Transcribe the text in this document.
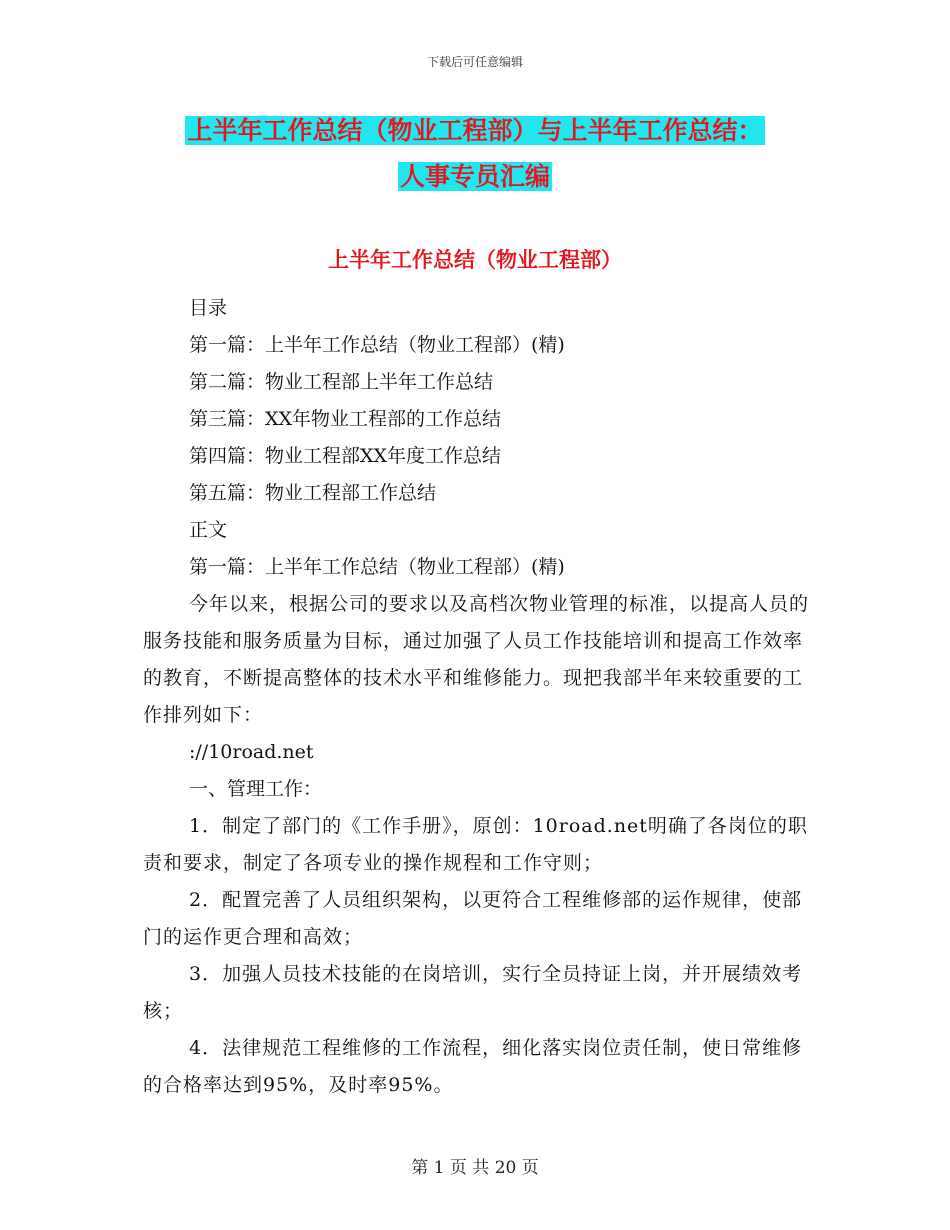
下载后可任意编辑
上半年工作总结（物业工程部）与上半年工作总结：
人事专员汇编
上半年工作总结（物业工程部）

目录

第一篇：上半年工作总结（物业工程部）(精)

第二篇：物业工程部上半年工作总结

第三篇：XX年物业工程部的工作总结

第四篇：物业工程部XX年度工作总结

第五篇：物业工程部工作总结

正文

第一篇：上半年工作总结（物业工程部）(精)

今年以来，根据公司的要求以及高档次物业管理的标准，以提高人员的服务技能和服务质量为目标，通过加强了人员工作技能培训和提高工作效率的教育，不断提高整体的技术水平和维修能力。现把我部半年来较重要的工作排列如下：

://10road.net

一、管理工作：

1．制定了部门的《工作手册》，原创：10road.net明确了各岗位的职责和要求，制定了各项专业的操作规程和工作守则；

2．配置完善了人员组织架构，以更符合工程维修部的运作规律，使部门的运作更合理和高效；

3．加强人员技术技能的在岗培训，实行全员持证上岗，并开展绩效考核；

4．法律规范工程维修的工作流程，细化落实岗位责任制，使日常维修的合格率达到95%，及时率95%。

第 1 页 共 20 页
